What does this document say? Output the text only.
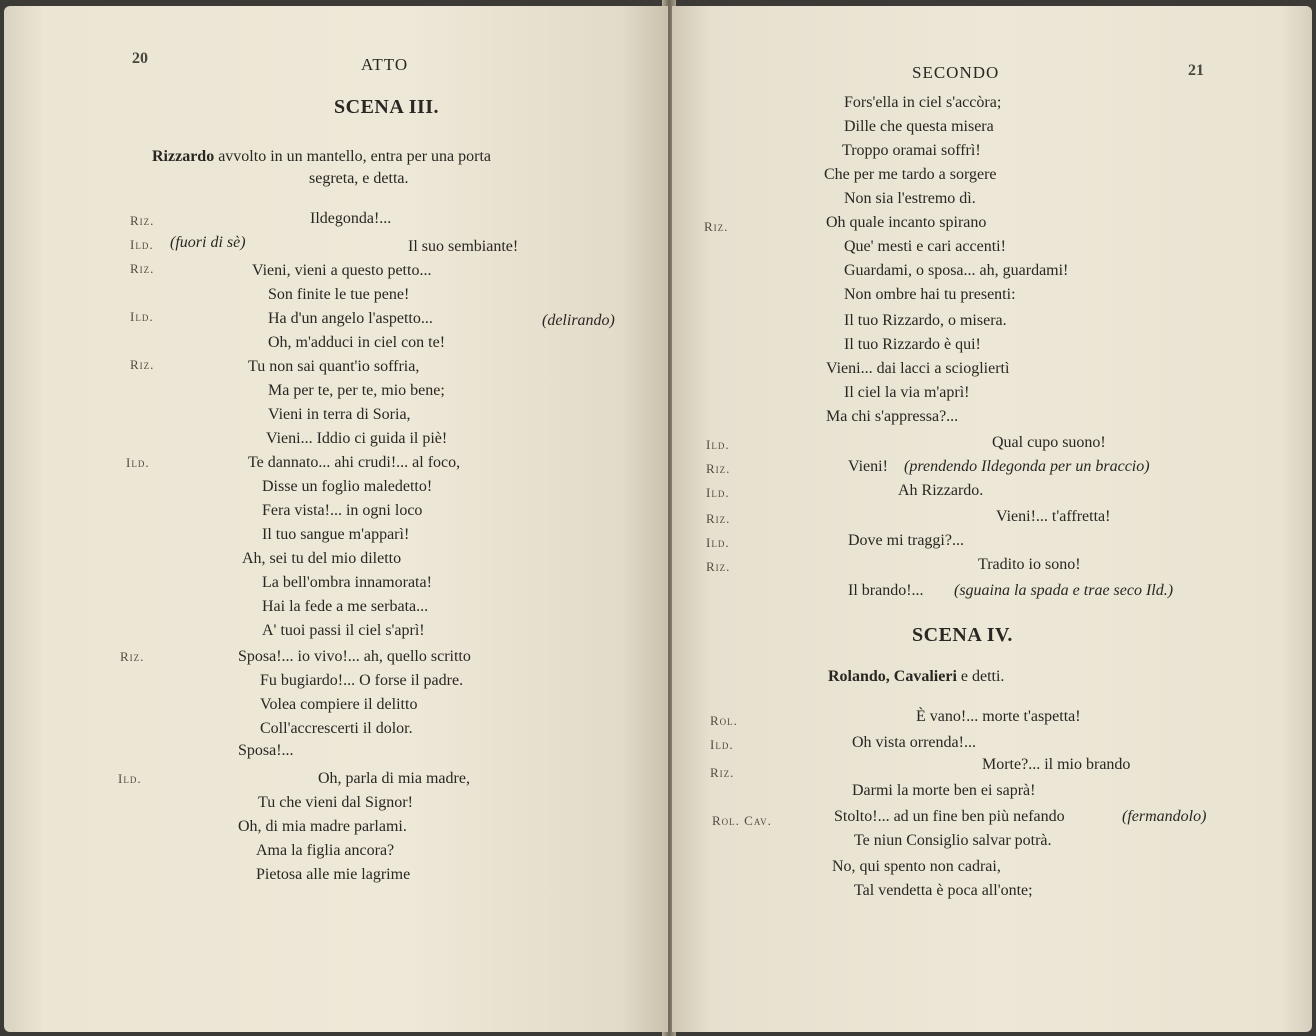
20	ATTO
SCENA III.
Rizzardo avvolto in un mantello, entra per una porta
segreta, e detta.
Riz.	Ildegonda!...
Ild. (fuori di sè)	Il suo sembiante!
Riz.	Vieni, vieni a questo petto...
Son finite le tue pene!
Ild.	Ha d'un angelo l'aspetto...	(delirando)
Oh, m'adduci in ciel con te!
Riz.	Tu non sai quant'io soffria,
Ma per te, per te, mio bene;
Vieni in terra di Soria,
Vieni... Iddio ci guida il piè!
Ild.	Te dannato... ahi crudi!... al foco,
Disse un foglio maledetto!
Fera vista!... in ogni loco
Il tuo sangue m'apparì!
Ah, sei tu del mio diletto
La bell'ombra innamorata!
Hai la fede a me serbata...
A' tuoi passi il ciel s'aprì!
Riz.	Sposa!... io vivo!... ah, quello scritto
Fu bugiardo!... O forse il padre.
Volea compiere il delitto
Coll'accrescerti il dolor.
Sposa!...
Ild.	Oh, parla di mia madre,
Tu che vieni dal Signor!
Oh, di mia madre parlami.
Ama la figlia ancora?
Pietosa alle mie lagrime
SECONDO	21
Fors'ella in ciel s'accòra;
Dille che questa misera
Troppo oramai soffrì!
Che per me tardo a sorgere
Non sia l'estremo dì.
Riz.	Oh quale incanto spirano
Que' mesti e cari accenti!
Guardami, o sposa... ah, guardami!
Non ombre hai tu presenti:
Il tuo Rizzardo, o misera.
Il tuo Rizzardo è qui!
Vieni... dai lacci a sciogliertì
Il ciel la via m'aprì!
Ma chi s'appressa?...
Ild.	Qual cupo suono!
Riz.	Vieni! (prendendo Ildegonda per un braccio)
Ild.	Ah Rizzardo.
Riz.	Vieni!... t'affretta!
Ild.	Dove mi traggi?...
Riz.	Tradito io sono!
Il brando!... (sguaina la spada e trae seco Ild.)
SCENA IV.
Rolando, Cavalieri e detti.
Rol.	È vano!... morte t'aspetta!
Ild.	Oh vista orrenda!...
Riz.	Morte?... il mio brando
Darmi la morte ben ei saprà!
Rol. Cav.	Stolto!... ad un fine ben più nefando	(fermandolo)
Te niun Consiglio salvar potrà.
No, qui spento non cadrai,
Tal vendetta è poca all'onte;
